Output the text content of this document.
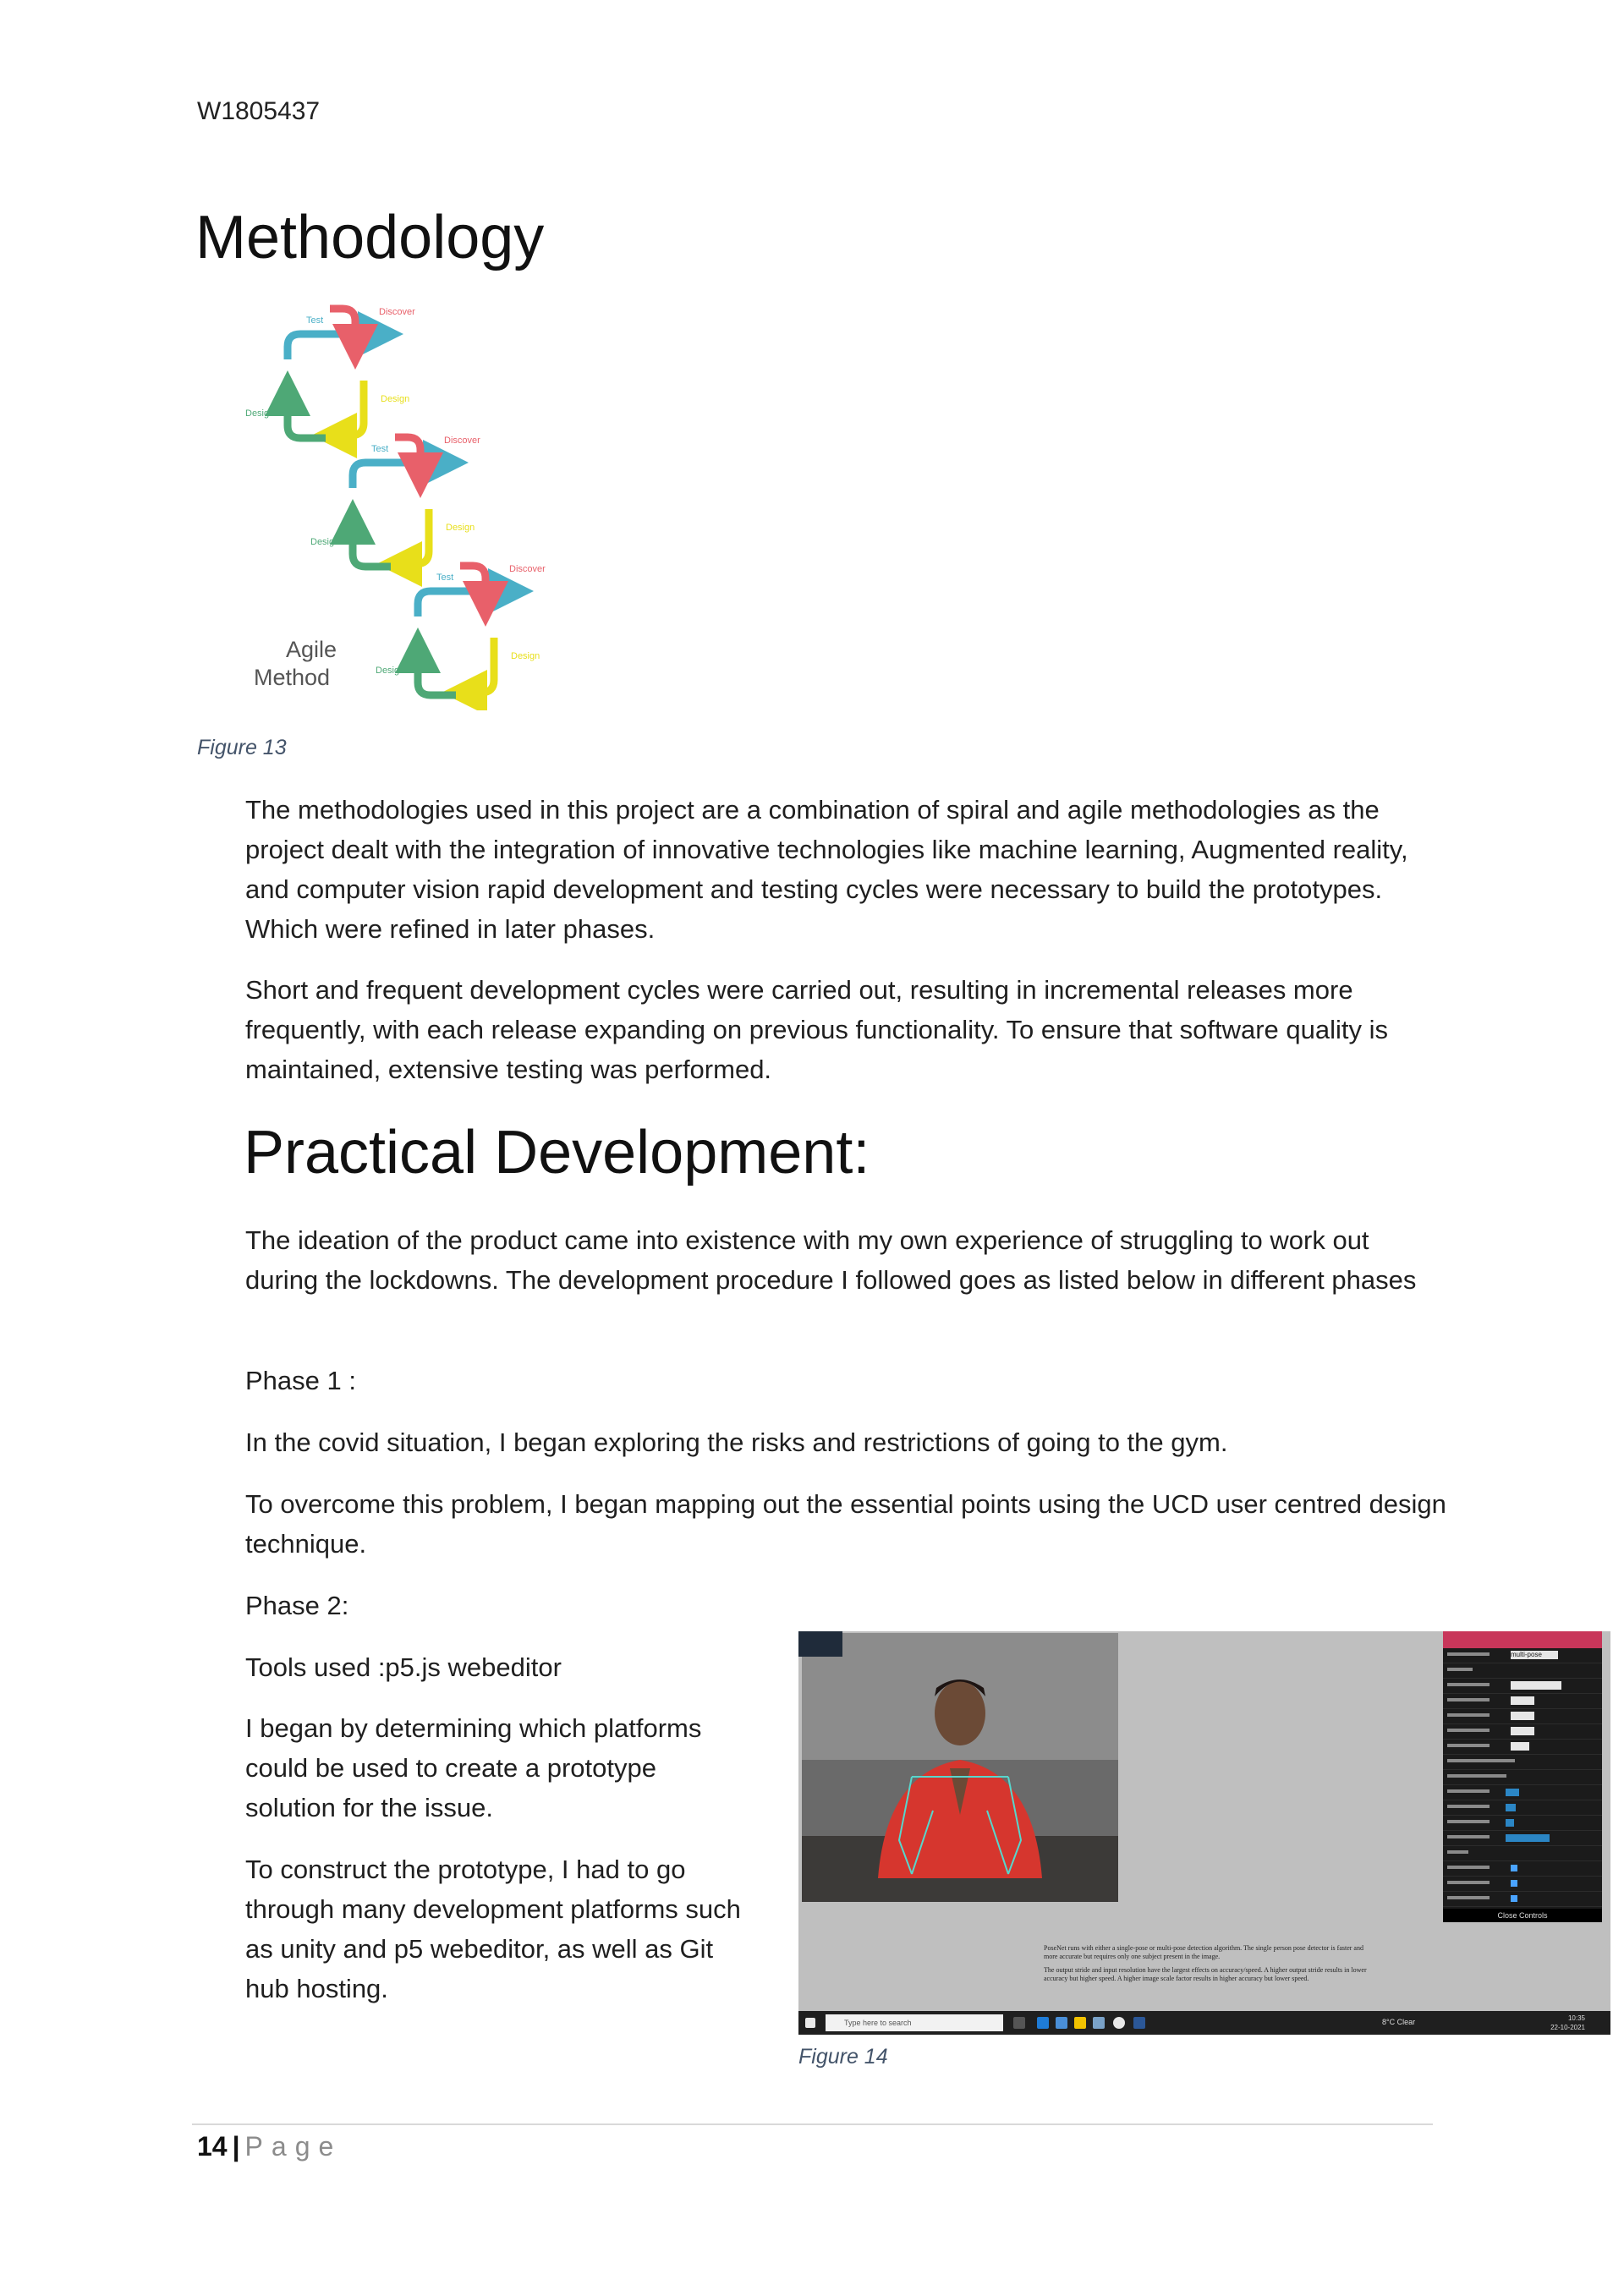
W1805437
Methodology
Test
Discover
Design
Design
Test
Discover
Design
Design
Test
Discover
Design
Design
Agile
Method
Figure 13

The methodologies used in this project are a combination of spiral and agile methodologies as the project dealt with the integration of innovative technologies like machine learning, Augmented reality, and computer vision rapid development and testing cycles were necessary to build the prototypes. Which were refined in later phases.

Short and frequent development cycles were carried out, resulting in incremental releases more frequently, with each release expanding on previous functionality. To ensure that software quality is maintained, extensive testing was performed.

Practical Development:

The ideation of the product came into existence with my own experience of struggling to work out during the lockdowns. The development procedure I followed goes as listed below in different phases

Phase 1 :

In the covid situation, I began exploring the risks and restrictions of going to the gym.

To overcome this problem, I began mapping out the essential points using the UCD user centred design technique.

Phase 2:

Tools used :p5.js webeditor

I began by determining which platforms could be used to create a prototype solution for the issue.

To construct the prototype, I had to go through many development platforms such as unity and p5 webeditor, as well as Git hub hosting.

multi-pose
Close Controls
PoseNet runs with either a single-pose or multi-pose detection algorithm. The single person pose detector is faster and more accurate but requires only one subject present in the image.
The output stride and input resolution have the largest effects on accuracy/speed. A higher output stride results in lower accuracy but higher speed. A higher image scale factor results in higher accuracy but lower speed.
Type here to search	8°C Clear	10:35
22-10-2021
Figure 14
14 | Page
